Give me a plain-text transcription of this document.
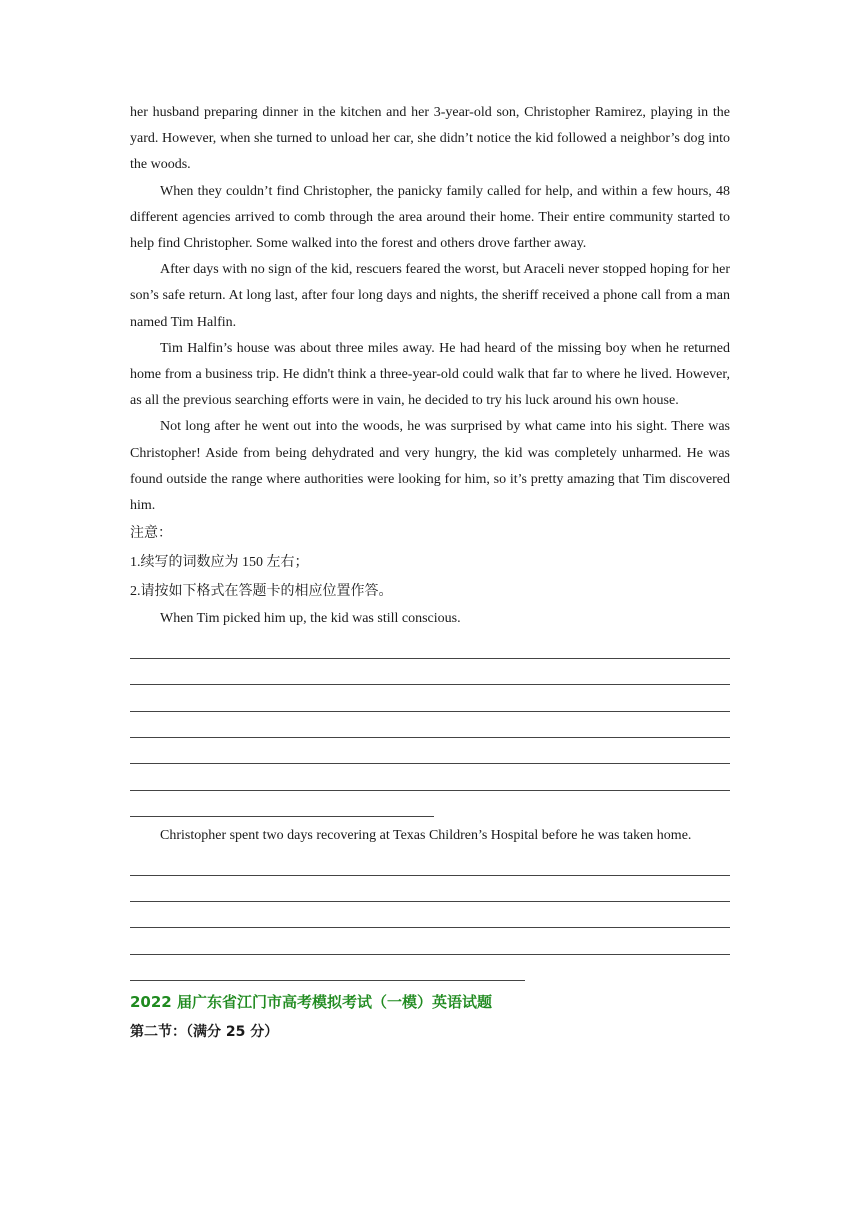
her husband preparing dinner in the kitchen and her 3-year-old son, Christopher Ramirez, playing in the yard. However, when she turned to unload her car, she didn’t notice the kid followed a neighbor’s dog into the woods.

When they couldn’t find Christopher, the panicky family called for help, and within a few hours, 48 different agencies arrived to comb through the area around their home. Their entire community started to help find Christopher. Some walked into the forest and others drove farther away.

After days with no sign of the kid, rescuers feared the worst, but Araceli never stopped hoping for her son’s safe return. At long last, after four long days and nights, the sheriff received a phone call from a man named Tim Halfin.

Tim Halfin’s house was about three miles away. He had heard of the missing boy when he returned home from a business trip. He didn't think a three-year-old could walk that far to where he lived. However, as all the previous searching efforts were in vain, he decided to try his luck around his own house.

Not long after he went out into the woods, he was surprised by what came into his sight. There was Christopher! Aside from being dehydrated and very hungry, the kid was completely unharmed. He was found outside the range where authorities were looking for him, so it’s pretty amazing that Tim discovered him.

注意：

1.续写的词数应为 150 左右；

2.请按如下格式在答题卡的相应位置作答。

When Tim picked him up, the kid was still conscious.

Christopher spent two days recovering at Texas Children’s Hospital before he was taken home.

2022 届广东省江门市高考模拟考试（一模）英语试题

第二节：（满分 25 分）
